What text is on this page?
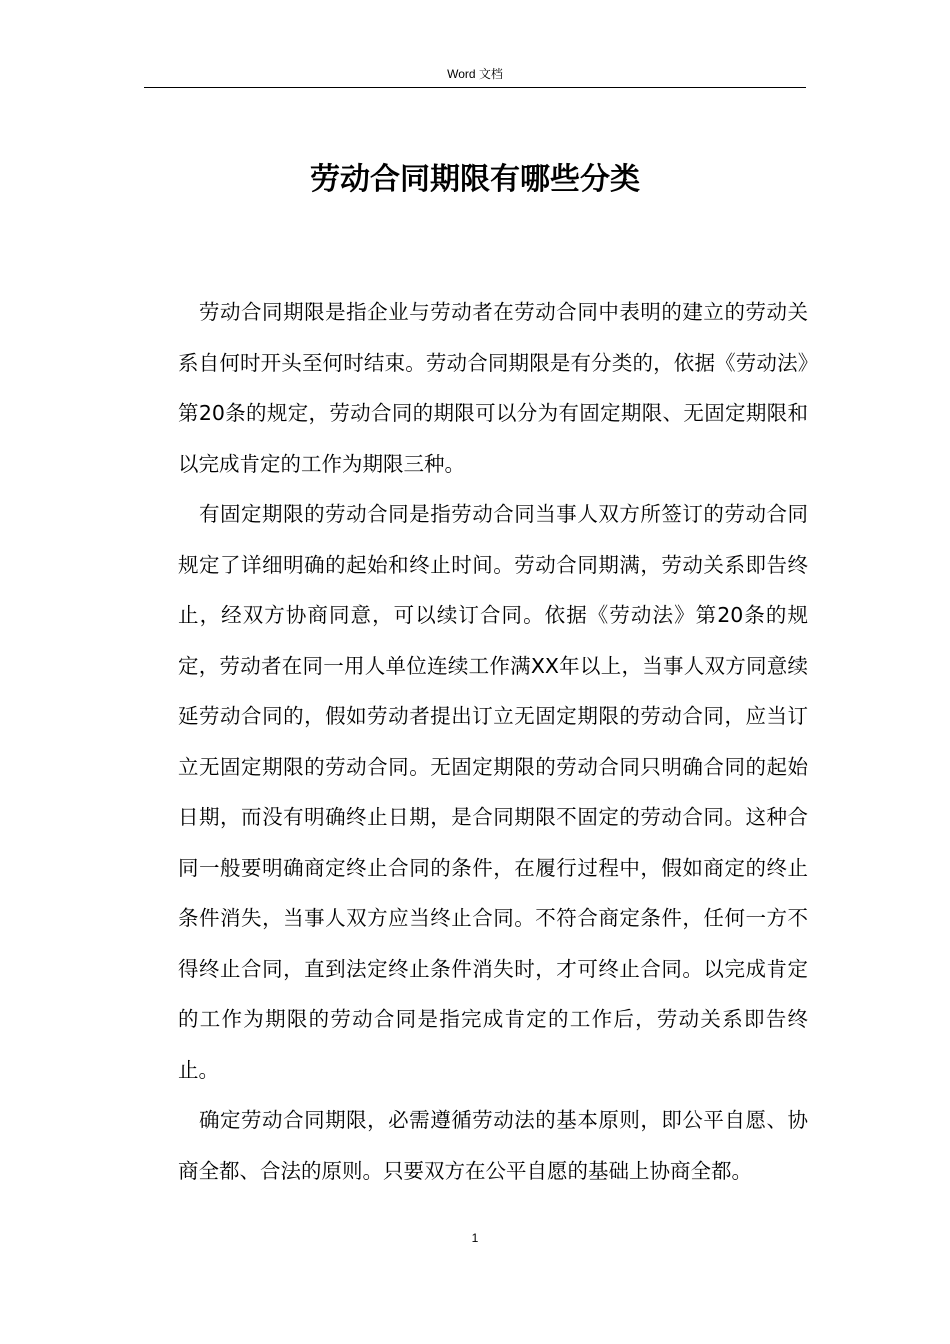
Word 文档
劳动合同期限有哪些分类

劳动合同期限是指企业与劳动者在劳动合同中表明的建立的劳动关系自何时开头至何时结束。劳动合同期限是有分类的，依据《劳动法》第20条的规定，劳动合同的期限可以分为有固定期限、无固定期限和以完成肯定的工作为期限三种。

有固定期限的劳动合同是指劳动合同当事人双方所签订的劳动合同规定了详细明确的起始和终止时间。劳动合同期满，劳动关系即告终止，经双方协商同意，可以续订合同。依据《劳动法》第20条的规定，劳动者在同一用人单位连续工作满XX年以上，当事人双方同意续延劳动合同的，假如劳动者提出订立无固定期限的劳动合同，应当订立无固定期限的劳动合同。无固定期限的劳动合同只明确合同的起始日期，而没有明确终止日期，是合同期限不固定的劳动合同。这种合同一般要明确商定终止合同的条件，在履行过程中，假如商定的终止条件消失，当事人双方应当终止合同。不符合商定条件，任何一方不得终止合同，直到法定终止条件消失时，才可终止合同。以完成肯定的工作为期限的劳动合同是指完成肯定的工作后，劳动关系即告终止。

确定劳动合同期限，必需遵循劳动法的基本原则，即公平自愿、协商全都、合法的原则。只要双方在公平自愿的基础上协商全都。

1
